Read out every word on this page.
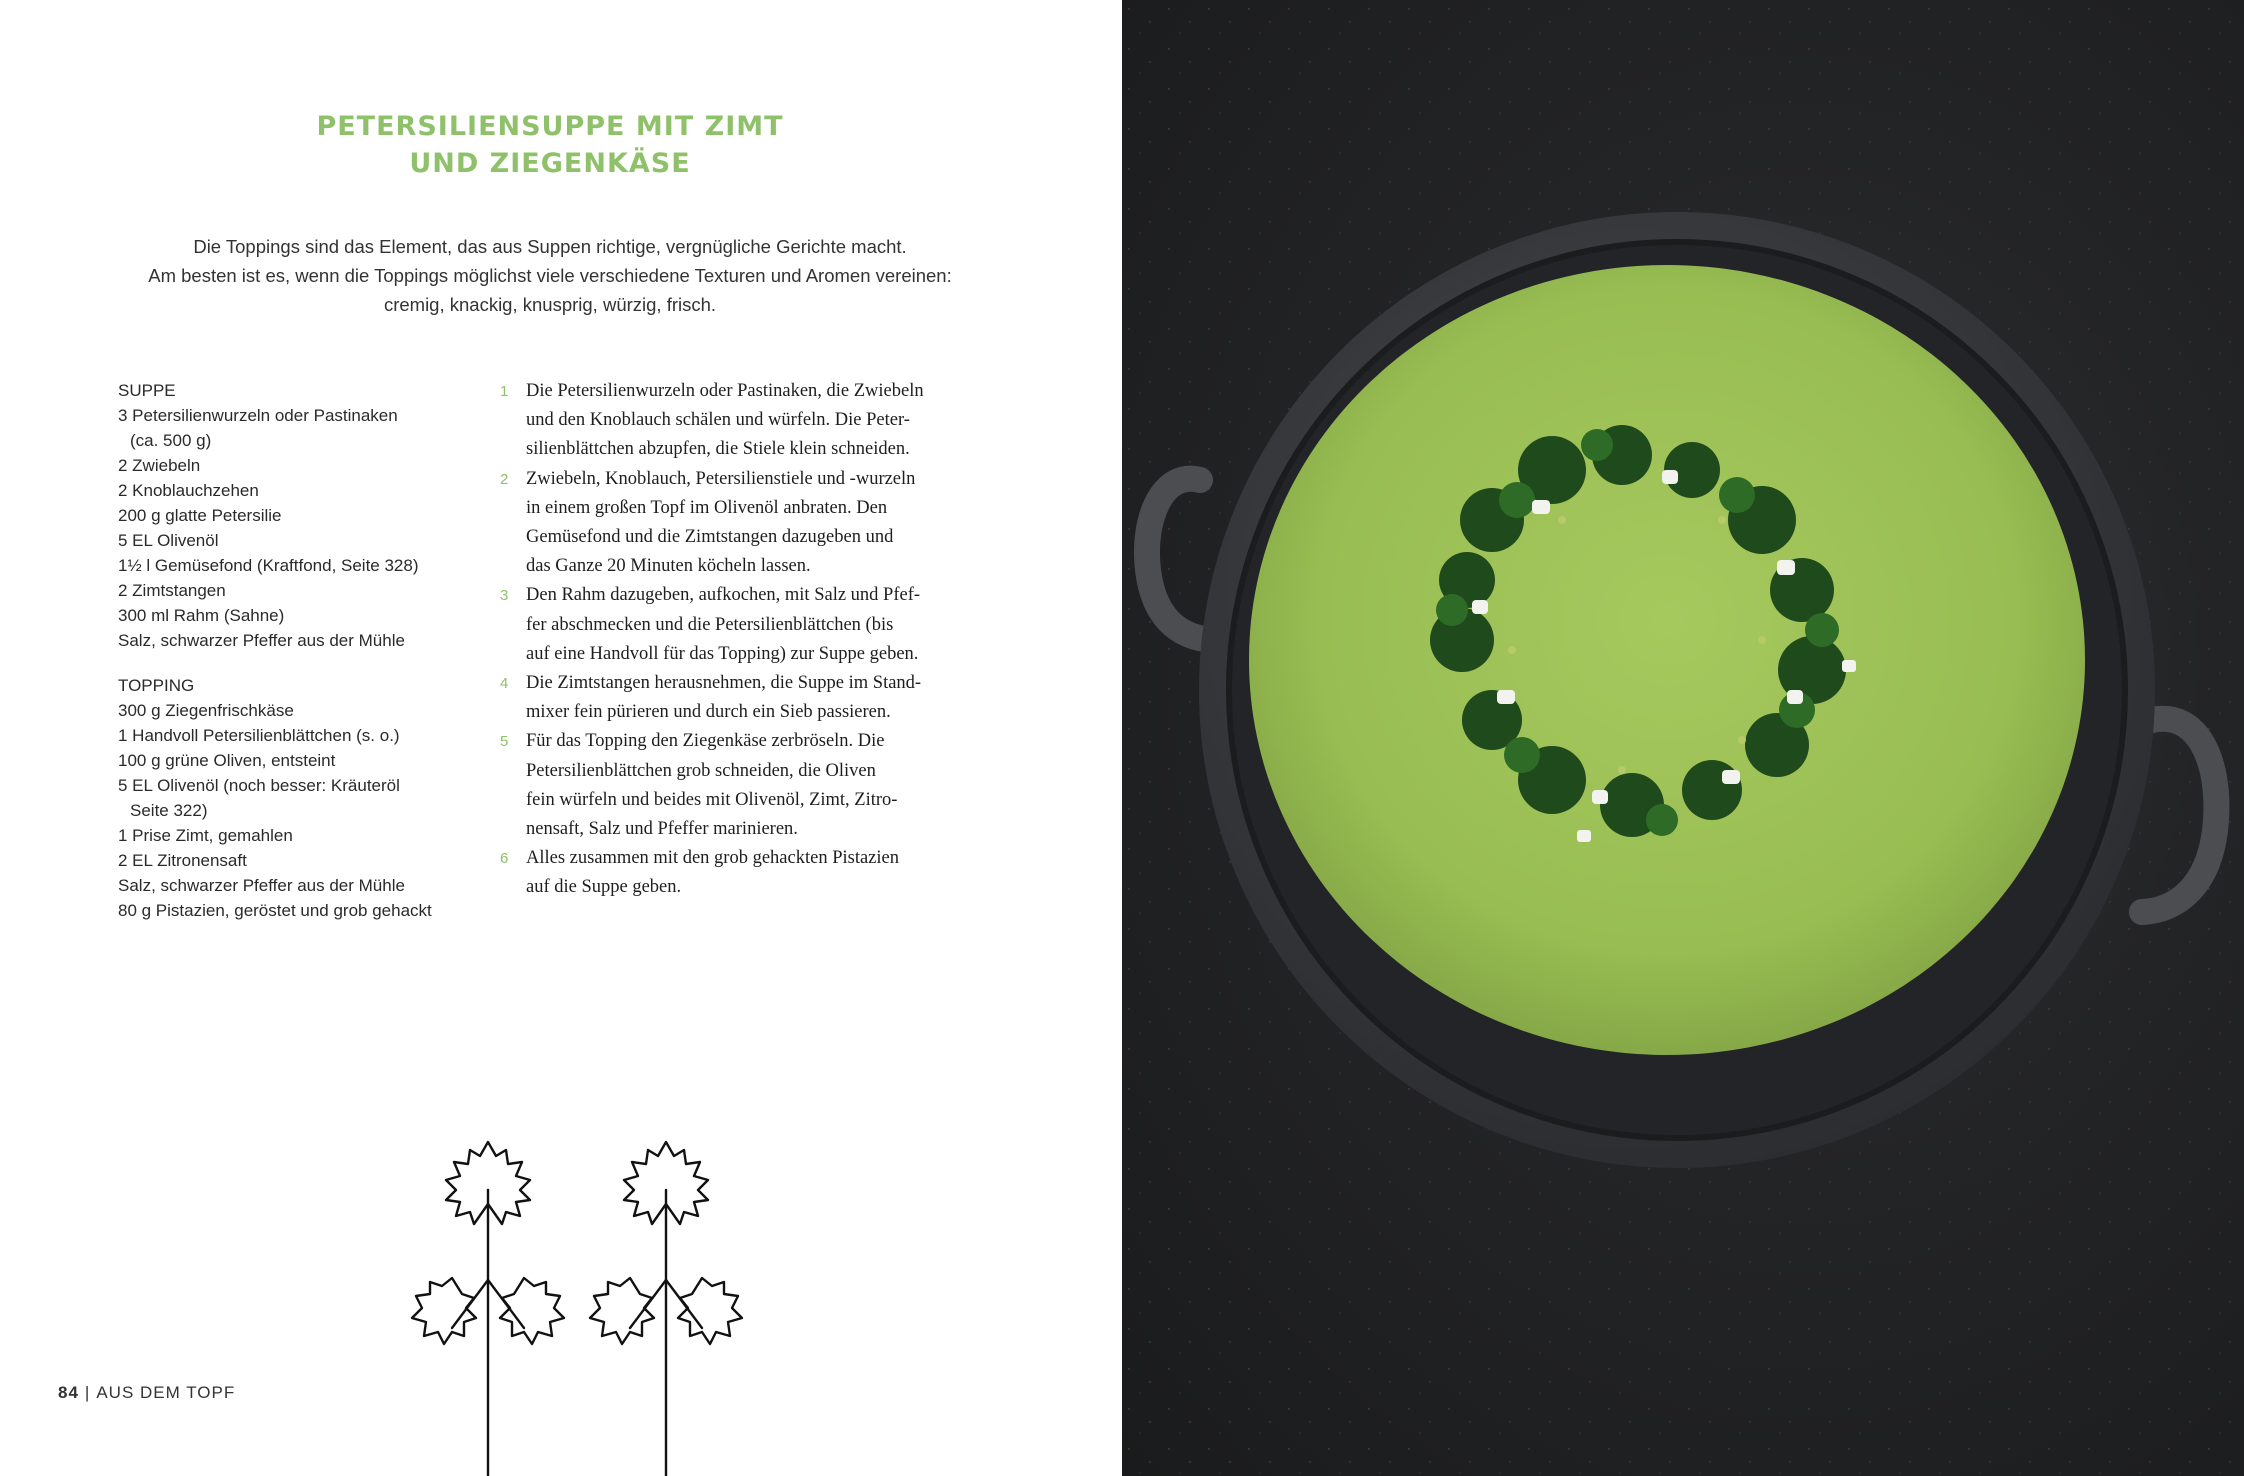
PETERSILIENSUPPE MIT ZIMT
UND ZIEGENKÄSE
Die Toppings sind das Element, das aus Suppen richtige, vergnügliche Gerichte macht.
Am besten ist es, wenn die Toppings möglichst viele verschiedene Texturen und Aromen vereinen:
cremig, knackig, knusprig, würzig, frisch.
SUPPE
3 Petersilienwurzeln oder Pastinaken
(ca. 500 g)
2 Zwiebeln
2 Knoblauchzehen
200 g glatte Petersilie
5 EL Olivenöl
1½ l Gemüsefond (Kraftfond, Seite 328)
2 Zimtstangen
300 ml Rahm (Sahne)
Salz, schwarzer Pfeffer aus der Mühle
TOPPING
300 g Ziegenfrischkäse
1 Handvoll Petersilienblättchen (s. o.)
100 g grüne Oliven, entsteint
5 EL Olivenöl (noch besser: Kräuteröl
Seite 322)
1 Prise Zimt, gemahlen
2 EL Zitronensaft
Salz, schwarzer Pfeffer aus der Mühle
80 g Pistazien, geröstet und grob gehackt
1 Die Petersilienwurzeln oder Pastinaken, die Zwiebeln
und den Knoblauch schälen und würfeln. Die Peter-
silienblättchen abzupfen, die Stiele klein schneiden.
2 Zwiebeln, Knoblauch, Petersilienstiele und -wurzeln
in einem großen Topf im Olivenöl anbraten. Den
Gemüsefond und die Zimtstangen dazugeben und
das Ganze 20 Minuten köcheln lassen.
3 Den Rahm dazugeben, aufkochen, mit Salz und Pfef-
fer abschmecken und die Petersilienblättchen (bis
auf eine Handvoll für das Topping) zur Suppe geben.
4 Die Zimtstangen herausnehmen, die Suppe im Stand-
mixer fein pürieren und durch ein Sieb passieren.
5 Für das Topping den Ziegenkäse zerbröseln. Die
Petersilienblättchen grob schneiden, die Oliven
fein würfeln und beides mit Olivenöl, Zimt, Zitro-
nensaft, Salz und Pfeffer marinieren.
6 Alles zusammen mit den grob gehackten Pistazien
auf die Suppe geben.
84 | AUS DEM TOPF
